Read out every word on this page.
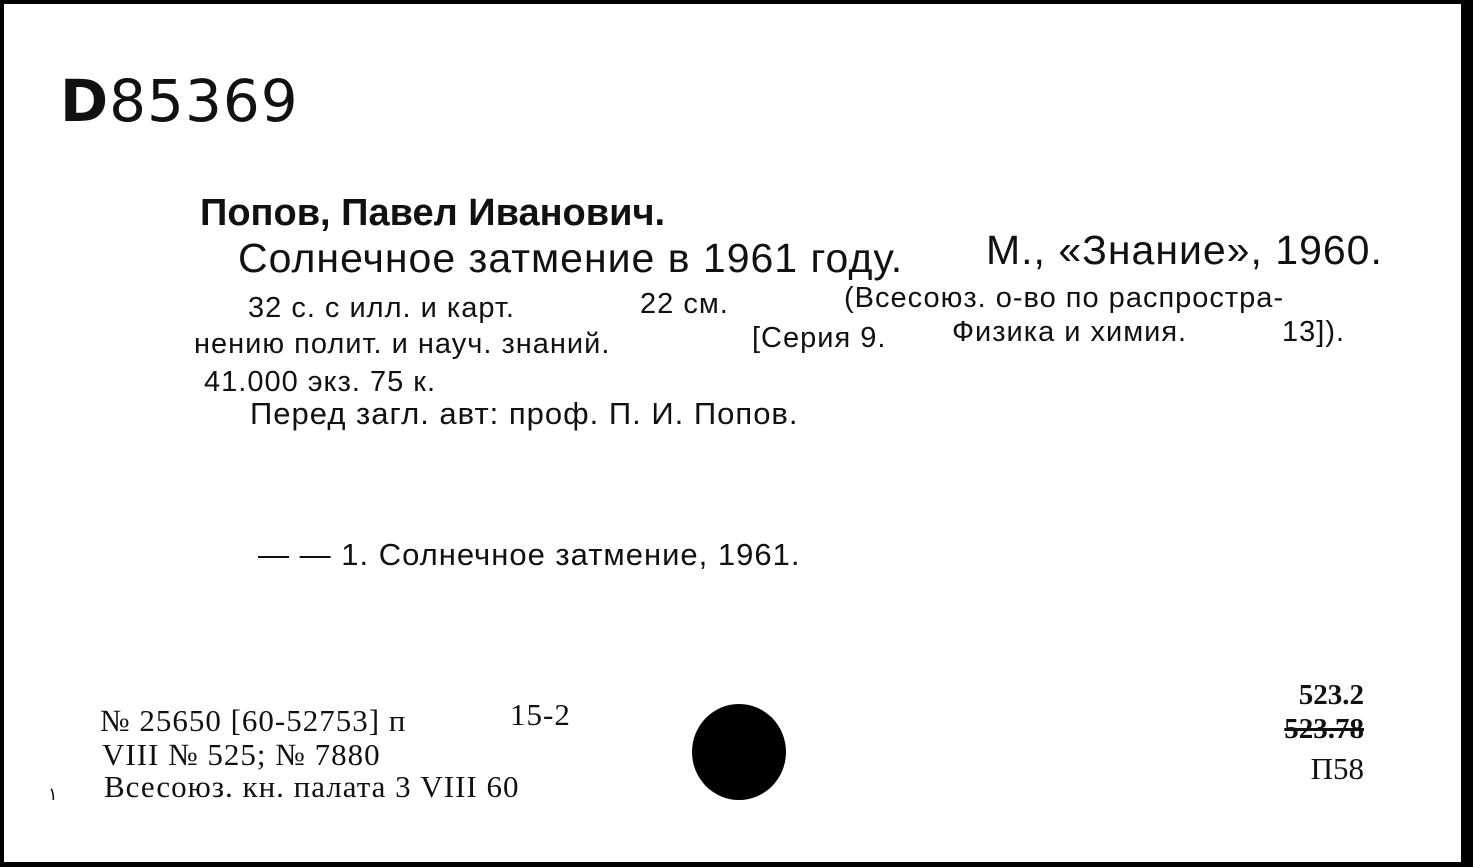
D85369
Попов, Павел Иванович.
Солнечное затмение в 1961 году. М., «Знание», 1960.
32 с. с илл. и карт.	22 см.	(Всесоюз. о-во по распростра-
нению полит. и науч. знаний.	[Серия 9. Физика и химия.	13]).
41.000 экз. 75 к.
Перед загл. авт: проф. П. И. Попов.
— — 1. Солнечное затмение, 1961.
№ 25650 [60-52753] п	15-2
VIII № 525; № 7880
Всесоюз. кн. палата 3 VIII 60
523.2
523.78
П58
١
